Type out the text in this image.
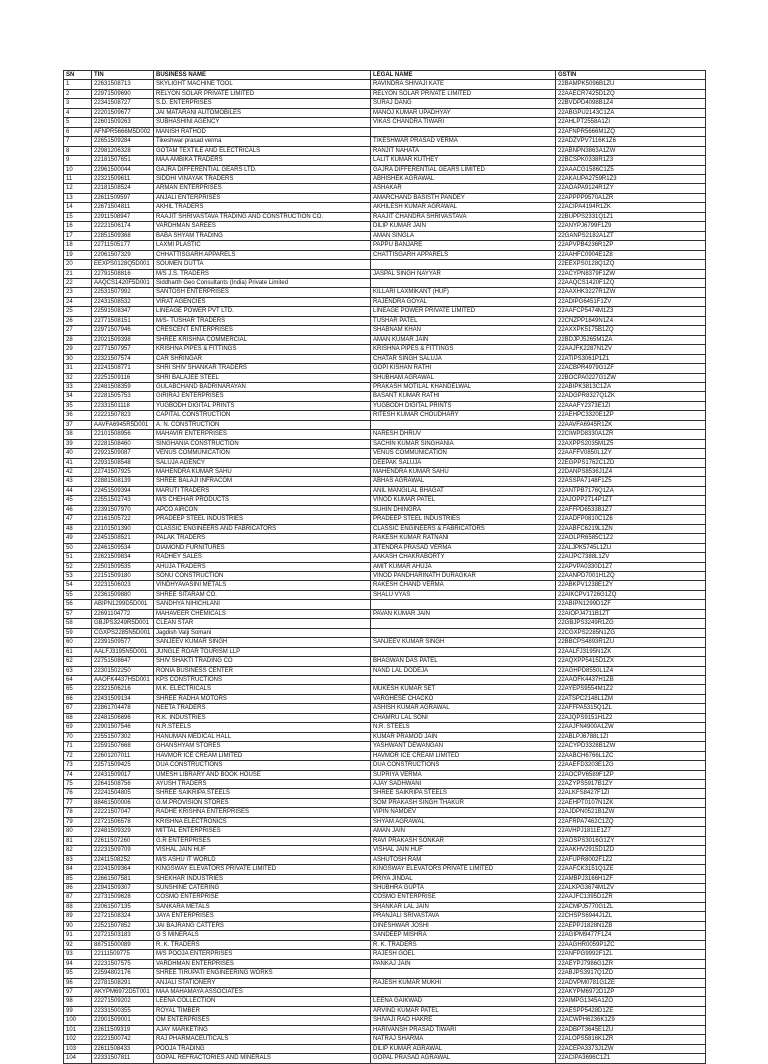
SN	TIN	BUSINESS NAME	LEGAL NAME	GSTIN
1	22631508713	SKYLIGHT MACHINE TOOL	RAVINDRA SHIVAJI KATE	22BAMPK5096B1ZU
2	22971509690	RELYON SOLAR PRIVATE LIMITED	RELYON SOLAR PRIVATE LIMITED	22AAECR7425D1ZQ
3	22341508727	S.D. ENTERPRISES	SURAJ DANG	22BVDPD4098B1Z4
4	22201509677	JAI MATARANI AUTOMOBILES	MANOJ KUMAR UPADHYAY	22ABGPU2143C1ZA
5	22601509263	SUBHASHINI AGENCY	VIKAS CHANDRA TIWARI	22AHLPT2558A1ZI
6	AFNPR5666M5D002	MANISH RATHOD		22AFNPR5666M1ZQ
7	22651509284	Tikeshwar prasad verma	TIKESHWAR PRASAD VERMA	22ADZVPV7116K1Z6
8	22981206328	GOTAM TEXTILE AND ELECTRICALS	RANJIT NAHATA	22ABNPN3863A1ZW
9	22181507651	MAA AMBIKA TRADERS	LALIT KUMAR KUTHEY	22BCSPK0338R1Z3
10	22961500044	GAJRA DIFFERENTIAL GEARS LTD.	GAJRA DIFFERENTIAL GEARS LIMITED	22AAACG1586C1Z5
11	22321509611	SIDDHI VINAYAK TRADERS	ABHISHEK AGRAWAL	22AKAUPA2759R1Z3
12	22181508524	ARMAN ENTERPRISES	ASHAKAR	22AOAPA9124R1ZY
13	22611509597	ANJALI ENTERPRISES	AMARCHAND BASISTH PANDEY	22APPPP9570A1ZR
14	22671504811	AKHIL TRADERS	AKHILESH KUMAR AGRAWAL	22ACIPA4194R1ZK
15	22911508947	RAAJIT SHRIVASTAVA TRADING AND CONSTRUCTION CO.	RAAJIT CHANDRA SHRIVASTAVA	22BUPPS2331Q1Z1
16	22221506174	VARDHMAN SAREES	DILIP KUMAR JAIN	22ANYPJ6799F1Z9
17	22851509368	BABA SHYAM TRADING	AMAN SINGLA	22GANPS2182A1ZT
18	22711505177	LAXMI PLASTIC	PAPPU BANJARE	22APVPB4236R1ZP
19	22061507329	CHHATTISGARH APPARELS	CHATTISGARH APPARELS	22AAHFC0904E1Z8
20	EEXPS0128Q5D001	SOUMEN DUTTA		22EEXPS0128Q1ZQ
21	22791508816	M/S J.S. TRADERS	JASPAL SINGH NAYYAR	22ACYPN8379F1ZW
22	AAQCS1420F5D001	Siddharth Geo Consultants (India) Private Limited		22AAQCS1420F1ZQ
23	22531507992	SANTOSH ENTERPRISES	KILLARI LAXMIKANT (HUF)	22AAXHK3227R1ZW
24	22431508532	VIRAT AGENCIES	RAJENDRA GOYAL	22ADIPG6451F1ZV
25	22591508347	LINEAGE POWER PVT LTD.	LINEAGE POWER PRIVATE LIMITED	22AAFCP5474M1Z3
26	22771508151	M/S- TUSHAR TRADERS	TUSHAR PATEL	22CNZPP1849N1Z4
27	22971507946	CRESCENT ENTERPRISES	SHABNAM KHAN	22AXXPK5175B1ZQ
28	22021509398	SHREE KRISHNA COMMERCIAL	AMAN KUMAR JAIN	22BDJPJ5265M1ZA
29	22771507957	KRISHNA PIPES & FITTINGS	KRISHNA PIPES & FITTINGS	22AAJFK2287N1ZV
30	22321507574	CAR SHRINGAR	CHATAR SINGH SALUJA	22ATIPS3061P1Z1
31	22241508771	SHRI SHIV SHANKAR TRADERS	GOPI KISHAN RATHI	22ACBPR4979G1ZF
32	22251509116	SHRI BALAJEE STEEL	SHUBHAM AGRAWAL	22BOCPA0227G1ZW
33	22481508359	GULABCHAND BADRINARAYAN	PRAKASH MOTILAL KHANDELWAL	22ABIPK3813C1ZA
34	22281505753	GIRIRAJ ENTERPRISES	BASANT KUMAR RATHI	22ADGPR8327Q1ZK
35	22331501118	YUGBODH DIGITAL PRINTS	YUGBODH DIGITAL PRINTS	22AAAFY2373E1ZI
36	22221507823	CAPITAL CONSTRUCTION	RITESH KUMAR CHOUDHARY	22AEHPC3320E1ZP
37	AAVFA6945R5D001	A. N. CONSTRUCTION		22AAVFA6945R1ZK
38	22101508956	MAHAVIR ENTERPRISES	NARESH DHRUV	22CIWPD8330A1ZR
39	22281508460	SINGHANIA CONSTRUCTION	SACHIN KUMAR SINGHANIA	22AXPPS2035M1Z5
40	22921509087	VENUS COMMUNICATION	VENUS COMMUNICATION	22AAFFV0850L1ZY
41	22931508548	SALUJA AGENCY	DEEPAK SALUJA	22EGPPS1762C1ZD
42	22741507925	MAHENDRA KUMAR SAHU	MAHENDRA KUMAR SAHU	22DANPS8536J1Z4
43	22881508139	SHREE BALAJI INFRACOM	ABHAS AGRAWAL	22ASSPA7148F1Z5
44	22451509394	MARUTI TRADERS	ANIL MANGILAL BHAGAT	22ANTPB7176Q1ZA
45	22551502743	M/S CHEHAR PRODUCTS	VINOD KUMAR PATEL	22AJOPP2714P1ZT
46	22391507970	APCO AIRCON	SUHIN DHINGRA	22AFFPD6533B1Z7
47	22161505722	PRADEEP STEEL INDUSTRIES	PRADEEP STEEL INDUSTRIES	22AADFP0810C1Z6
48	22101501390	CLASSIC ENGINEERS AND FABRICATORS	CLASSIC ENGINEERS & FABRICATORS	22AABFC6219L1ZN
49	22451508521	PALAK TRADERS	RAKESH KUMAR RATNANI	22AOLPR6585C1Z2
50	22461509534	DIAMOND FURNITURES	JITENDRA PRASAD VERMA	22ALJPK5745L1ZU
51	22621509834	RADHEY SALES	AAKASH CHAKRABORTY	22AIJPC7388L1ZV
52	22501509535	AHUJA TRADERS	AMIT KUMAR AHUJA	22APVPA0330D1Z7
53	22151509180	SONU CONSTRUCTION	VINOD PANDHARINATH DURAGKAR	22AANPD7001H1ZQ
54	22231506023	VINDHYAVASINI METALS	RAKESH CHAND VERMA	22ABKPV1238E1ZY
55	22361509880	SHREE SITARAM CO.	SHALU VYAS	22AIKCPV1726G1ZQ
56	ABIPN1299D5D001	SANDHYA NIHICHLANI		22ABIPN1299D1ZF
57	22691104772	MAHAVEER CHEMICALS	PAVAN KUMAR JAIN	22AIOPJ4711B1ZT
58	GBJPS3249R5D001	CLEAN STAR		22GBJPS3249R1ZG
59	CGXPS2285N5D001	Jagdish Valji Somani		22CGXPS2285N1ZG
60	22391509577	SANJEEV KUMAR SINGH	SANJEEV KUMAR SINGH	22BBCPS4893R1ZU
61	AALFJ3195N5D001	JUNGLE ROAR TOURISM LLP		22AALFJ3195N1ZK
62	22751508647	SHIV SHAKTI TRADING CO	BHAGWAN DAS PATEL	22AQXPP5415D1ZX
63	22301502250	RONIA BUSINESS CENTER	NAND LAL DODEJA	22AGHPD8550L1Z4
64	AAOFK4437H5D001	KPS CONSTRUCTIONS		22AAOFK4437H1ZB
65	22321506216	M.K. ELECTRICALS	MUKESH KUMAR SET	22AYEPS9554M1Z2
66	22431509134	SHREE RADHA MOTORS	VARGHESE CHACKO	22ATSPC2148L1ZM
67	22861704478	NEETA TRADERS	ASHISH KUMAR AGRAWAL	22AFFPA5315Q1ZL
68	22481506696	R.K. INDUSTRIES	CHAMRU LAL SONI	22AJQPS9151H1Z2
69	22901507546	N.R.STEELS	N.R. STEELS	22AAJFN4900A1ZW
70	22551507302	HANUMAN MEDICAL HALL	KUMAR PRAMOD JAIN	22ABLPJ6788L1ZI
71	22591507668	GHANSHYAM STORES	YASHWANT DEWANGAN	22ACYPD3328B1ZW
72	22601207011	HAVMOR ICE CREAM LIMITED	HAVMOR ICE CREAM LIMITED	22AABCH6766L1ZC
73	22571509425	DUA CONSTRUCTIONS	DUA CONSTRUCTIONS	22AAEFD3203E1ZG
74	22431509017	UMESH LIBRARY AND BOOK HOUSE	SUPRIYA VERMA	22AOCPV6589F1ZP
75	22641508756	AYUSH TRADERS	AJAY SADHWANI	22AZYPS5917B1ZY
76	22241504805	SHREE SAIKRIPA STEELS	SHREE SAIKRIPA STEELS	22ALKFS8427F1ZI
77	88461500006	G.M.PROVISION STORES	SOM PRAKASH SINGH THAKUR	22AEHPT0107N1ZK
78	22221507047	RADHE KRISHNA ENTERPRISES	VIPIN NAMDEV	22AJDPN0521B1ZW
79	22721506578	KRISHNA ELECTRONICS	SHYAM AGRAWAL	22AFRPA7462C1ZQ
80	22481509329	MITTAL ENTERPRISES	AMAN JAIN	22AVHPJ1811E1Z7
81	22611507260	G.R ENTERPRISES	RAVI PRAKASH SONKAR	22AOSPS3016G1ZY
82	22231509709	VISHAL JAIN HUF	VISHAL JAIN HUF	22AAKHV2915D1ZD
83	22411508252	M/S ASHU IT WORLD	ASHUTOSH RAM	22AFUPR8002F1Z2
84	22241509364	KINGSWAY ELEVATORS PRIVATE LIMITED	KINGSWAY ELEVATORS PRIVATE LIMITED	22AAFCK3151Q1ZE
85	22661507581	SHEKHAR INDUSTRIES	PRIYA JINDAL	22AMBPJ3166H1ZF
86	22941509307	SUNSHINE CATERING	SHUBHRA GUPTA	22ALKPG3674M1ZV
87	22731509628	COSMO ENTERPRISE	COSMO ENTERPRISE	22AAJFC1395D1ZR
88	22061507135	SANKARA METALS	SHANKAR LAL JAIN	22ACMPJ5770G1ZL
89	22721508324	JAYA ENTERPRISES	PRANJALI SRIVASTAVA	22CHSPS6944J1ZL
90	22521507852	JAI BAJRANG CATTERS	DINESHWAR JOSHI	22AEPPJ1828N1ZB
91	22721503183	G S MINERALS	SANDEEP MISHRA	22AGIPM9477F1Z4
92	88751500089	R. K. TRADERS	R. K. TRADERS	22AAGHR0059P1ZC
93	22111509775	M/S POOJA ENTERPRISES	RAJESH GOEL	22ANFPG9992F1ZL
94	22231507575	VARDHMAN ENTERPRISES	PANKAJ JAIN	22AEYPJ7986G1ZR
95	22594802176	SHREE TIRUPATI ENGINEERING WORKS		22ABJPS3917Q1ZD
96	22781508291	ANJALI STATIONERY	RAJESH KUMAR MUKHI	22ADVPM0781G1ZE
97	AKYPM6972D5T001	MAA MAHAMAYA ASSOCIATES		22AKYPM6972D1ZP
98	22271509202	LEENA COLLECTION	LEENA GAIKWAD	22AIMPG1345A1ZO
99	22331500355	ROYAL TIMBER	ARVIND KUMAR PATEL	22AESPP5428D1ZE
100	22901509001	OM ENTERPRISES	SHIVAJI RAO HAKRE	22ACWPH6236K1Z9
101	22611509319	AJAY MARKETING	HARIVANSH PRASAD TIWARI	22ADBPT3645E1ZU
102	22221500742	RAJ PHARMACEUTICALS	NATRAJ SHARMA	22ALOPS5816K1ZR
103	22611508433	POOJA TRADING	DILIP KUMAR AGRAWAL	22ACEPA3373J1ZW
104	22331507811	GOPAL REFRACTORIES AND MINERALS	GOPAL PRASAD AGRAWAL	22ACIPA3696C1Z1
